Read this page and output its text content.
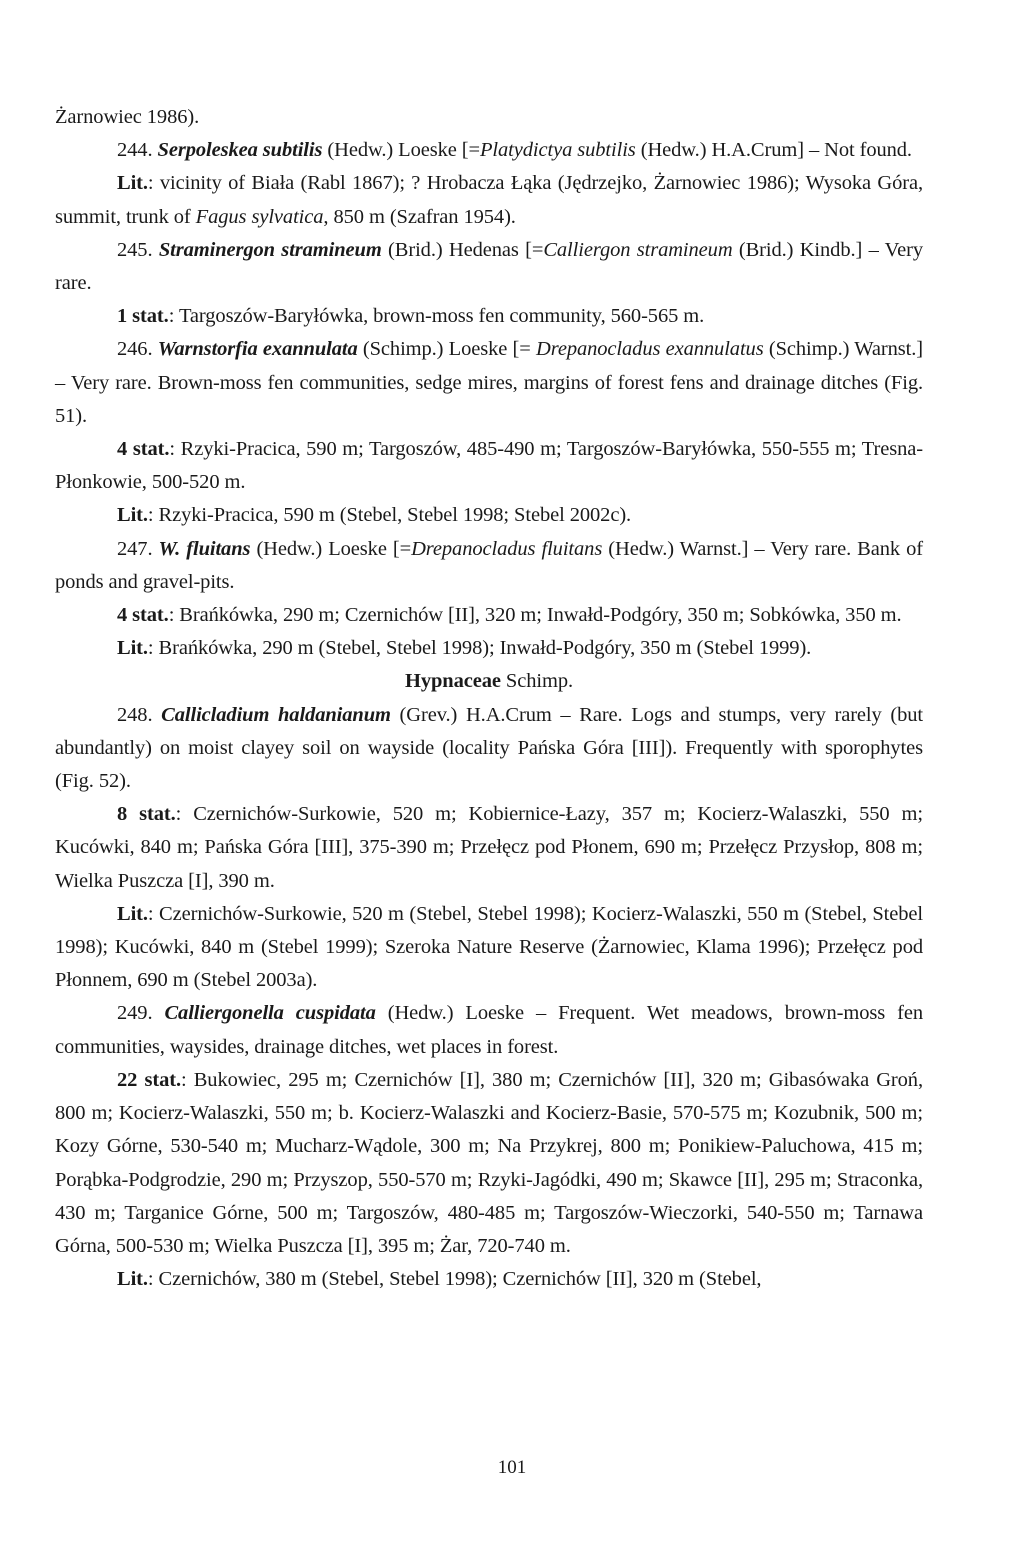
Żarnowiec 1986).

244. Serpoleskea subtilis (Hedw.) Loeske [=Platydictya subtilis (Hedw.) H.A.Crum] – Not found.

Lit.: vicinity of Biała (Rabl 1867); ? Hrobacza Łąka (Jędrzejko, Żarnowiec 1986); Wysoka Góra, summit, trunk of Fagus sylvatica, 850 m (Szafran 1954).

245. Straminergon stramineum (Brid.) Hedenas [=Calliergon stramineum (Brid.) Kindb.] – Very rare.

1 stat.: Targoszów-Baryłówka, brown-moss fen community, 560-565 m.

246. Warnstorfia exannulata (Schimp.) Loeske [= Drepanocladus exannulatus (Schimp.) Warnst.] – Very rare. Brown-moss fen communities, sedge mires, margins of forest fens and drainage ditches (Fig. 51).

4 stat.: Rzyki-Pracica, 590 m; Targoszów, 485-490 m; Targoszów-Baryłówka, 550-555 m; Tresna-Płonkowie, 500-520 m.

Lit.: Rzyki-Pracica, 590 m (Stebel, Stebel 1998; Stebel 2002c).

247. W. fluitans (Hedw.) Loeske [=Drepanocladus fluitans (Hedw.) Warnst.] – Very rare. Bank of ponds and gravel-pits.

4 stat.: Brańkówka, 290 m; Czernichów [II], 320 m; Inwałd-Podgóry, 350 m; Sobkówka, 350 m.

Lit.: Brańkówka, 290 m (Stebel, Stebel 1998); Inwałd-Podgóry, 350 m (Stebel 1999).

Hypnaceae Schimp.

248. Callicladium haldanianum (Grev.) H.A.Crum – Rare. Logs and stumps, very rarely (but abundantly) on moist clayey soil on wayside (locality Pańska Góra [III]). Frequently with sporophytes (Fig. 52).

8 stat.: Czernichów-Surkowie, 520 m; Kobiernice-Łazy, 357 m; Kocierz-Walaszki, 550 m; Kucówki, 840 m; Pańska Góra [III], 375-390 m; Przełęcz pod Płonem, 690 m; Przełęcz Przysłop, 808 m; Wielka Puszcza [I], 390 m.

Lit.: Czernichów-Surkowie, 520 m (Stebel, Stebel 1998); Kocierz-Walaszki, 550 m (Stebel, Stebel 1998); Kucówki, 840 m (Stebel 1999); Szeroka Nature Reserve (Żarnowiec, Klama 1996); Przełęcz pod Płonnem, 690 m (Stebel 2003a).

249. Calliergonella cuspidata (Hedw.) Loeske – Frequent. Wet meadows, brown-moss fen communities, waysides, drainage ditches, wet places in forest.

22 stat.: Bukowiec, 295 m; Czernichów [I], 380 m; Czernichów [II], 320 m; Gibasówaka Groń, 800 m; Kocierz-Walaszki, 550 m; b. Kocierz-Walaszki and Kocierz-Basie, 570-575 m; Kozubnik, 500 m; Kozy Górne, 530-540 m; Mucharz-Wądole, 300 m; Na Przykrej, 800 m; Ponikiew-Paluchowa, 415 m; Porąbka-Podgrodzie, 290 m; Przyszop, 550-570 m; Rzyki-Jagódki, 490 m; Skawce [II], 295 m; Straconka, 430 m; Targanice Górne, 500 m; Targoszów, 480-485 m; Targoszów-Wieczorki, 540-550 m; Tarnawa Górna, 500-530 m; Wielka Puszcza [I], 395 m; Żar, 720-740 m.

Lit.: Czernichów, 380 m (Stebel, Stebel 1998); Czernichów [II], 320 m (Stebel,

101
